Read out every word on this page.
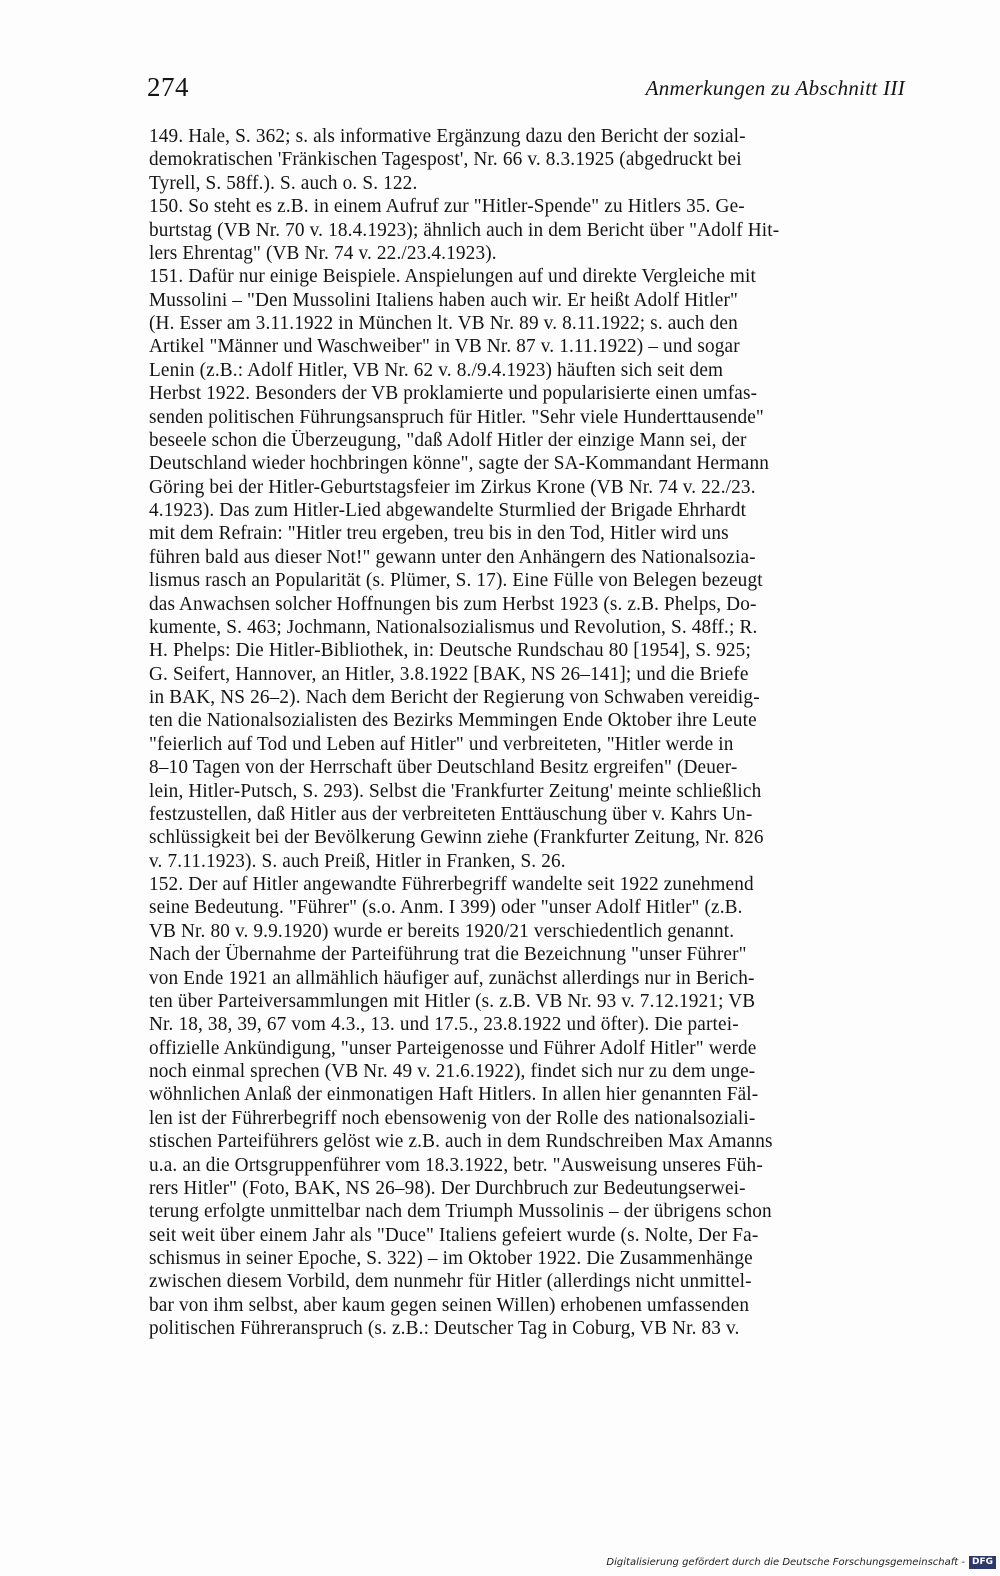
274	Anmerkungen zu Abschnitt III
149. Hale, S. 362; s. als informative Ergänzung dazu den Bericht der sozial-
demokratischen 'Fränkischen Tagespost', Nr. 66 v. 8.3.1925 (abgedruckt bei
Tyrell, S. 58ff.). S. auch o. S. 122.
150. So steht es z.B. in einem Aufruf zur "Hitler-Spende" zu Hitlers 35. Ge-
burtstag (VB Nr. 70 v. 18.4.1923); ähnlich auch in dem Bericht über "Adolf Hit-
lers Ehrentag" (VB Nr. 74 v. 22./23.4.1923).
151. Dafür nur einige Beispiele. Anspielungen auf und direkte Vergleiche mit
Mussolini – "Den Mussolini Italiens haben auch wir. Er heißt Adolf Hitler"
(H. Esser am 3.11.1922 in München lt. VB Nr. 89 v. 8.11.1922; s. auch den
Artikel "Männer und Waschweiber" in VB Nr. 87 v. 1.11.1922) – und sogar
Lenin (z.B.: Adolf Hitler, VB Nr. 62 v. 8./9.4.1923) häuften sich seit dem
Herbst 1922. Besonders der VB proklamierte und popularisierte einen umfas-
senden politischen Führungsanspruch für Hitler. "Sehr viele Hunderttausende"
beseele schon die Überzeugung, "daß Adolf Hitler der einzige Mann sei, der
Deutschland wieder hochbringen könne", sagte der SA-Kommandant Hermann
Göring bei der Hitler-Geburtstagsfeier im Zirkus Krone (VB Nr. 74 v. 22./23.
4.1923). Das zum Hitler-Lied abgewandelte Sturmlied der Brigade Ehrhardt
mit dem Refrain: "Hitler treu ergeben, treu bis in den Tod, Hitler wird uns
führen bald aus dieser Not!" gewann unter den Anhängern des Nationalsozia-
lismus rasch an Popularität (s. Plümer, S. 17). Eine Fülle von Belegen bezeugt
das Anwachsen solcher Hoffnungen bis zum Herbst 1923 (s. z.B. Phelps, Do-
kumente, S. 463; Jochmann, Nationalsozialismus und Revolution, S. 48ff.; R.
H. Phelps: Die Hitler-Bibliothek, in: Deutsche Rundschau 80 [1954], S. 925;
G. Seifert, Hannover, an Hitler, 3.8.1922 [BAK, NS 26–141]; und die Briefe
in BAK, NS 26–2). Nach dem Bericht der Regierung von Schwaben vereidig-
ten die Nationalsozialisten des Bezirks Memmingen Ende Oktober ihre Leute
"feierlich auf Tod und Leben auf Hitler" und verbreiteten, "Hitler werde in
8–10 Tagen von der Herrschaft über Deutschland Besitz ergreifen" (Deuer-
lein, Hitler-Putsch, S. 293). Selbst die 'Frankfurter Zeitung' meinte schließlich
festzustellen, daß Hitler aus der verbreiteten Enttäuschung über v. Kahrs Un-
schlüssigkeit bei der Bevölkerung Gewinn ziehe (Frankfurter Zeitung, Nr. 826
v. 7.11.1923). S. auch Preiß, Hitler in Franken, S. 26.
152. Der auf Hitler angewandte Führerbegriff wandelte seit 1922 zunehmend
seine Bedeutung. "Führer" (s.o. Anm. I 399) oder "unser Adolf Hitler" (z.B.
VB Nr. 80 v. 9.9.1920) wurde er bereits 1920/21 verschiedentlich genannt.
Nach der Übernahme der Parteiführung trat die Bezeichnung "unser Führer"
von Ende 1921 an allmählich häufiger auf, zunächst allerdings nur in Berich-
ten über Parteiversammlungen mit Hitler (s. z.B. VB Nr. 93 v. 7.12.1921; VB
Nr. 18, 38, 39, 67 vom 4.3., 13. und 17.5., 23.8.1922 und öfter). Die partei-
offizielle Ankündigung, "unser Parteigenosse und Führer Adolf Hitler" werde
noch einmal sprechen (VB Nr. 49 v. 21.6.1922), findet sich nur zu dem unge-
wöhnlichen Anlaß der einmonatigen Haft Hitlers. In allen hier genannten Fäl-
len ist der Führerbegriff noch ebensowenig von der Rolle des nationalsoziali-
stischen Parteiführers gelöst wie z.B. auch in dem Rundschreiben Max Amanns
u.a. an die Ortsgruppenführer vom 18.3.1922, betr. "Ausweisung unseres Füh-
rers Hitler" (Foto, BAK, NS 26–98). Der Durchbruch zur Bedeutungserwei-
terung erfolgte unmittelbar nach dem Triumph Mussolinis – der übrigens schon
seit weit über einem Jahr als "Duce" Italiens gefeiert wurde (s. Nolte, Der Fa-
schismus in seiner Epoche, S. 322) – im Oktober 1922. Die Zusammenhänge
zwischen diesem Vorbild, dem nunmehr für Hitler (allerdings nicht unmittel-
bar von ihm selbst, aber kaum gegen seinen Willen) erhobenen umfassenden
politischen Führeranspruch (s. z.B.: Deutscher Tag in Coburg, VB Nr. 83 v.
Digitalisierung gefördert durch die Deutsche Forschungsgemeinschaft - DFG
